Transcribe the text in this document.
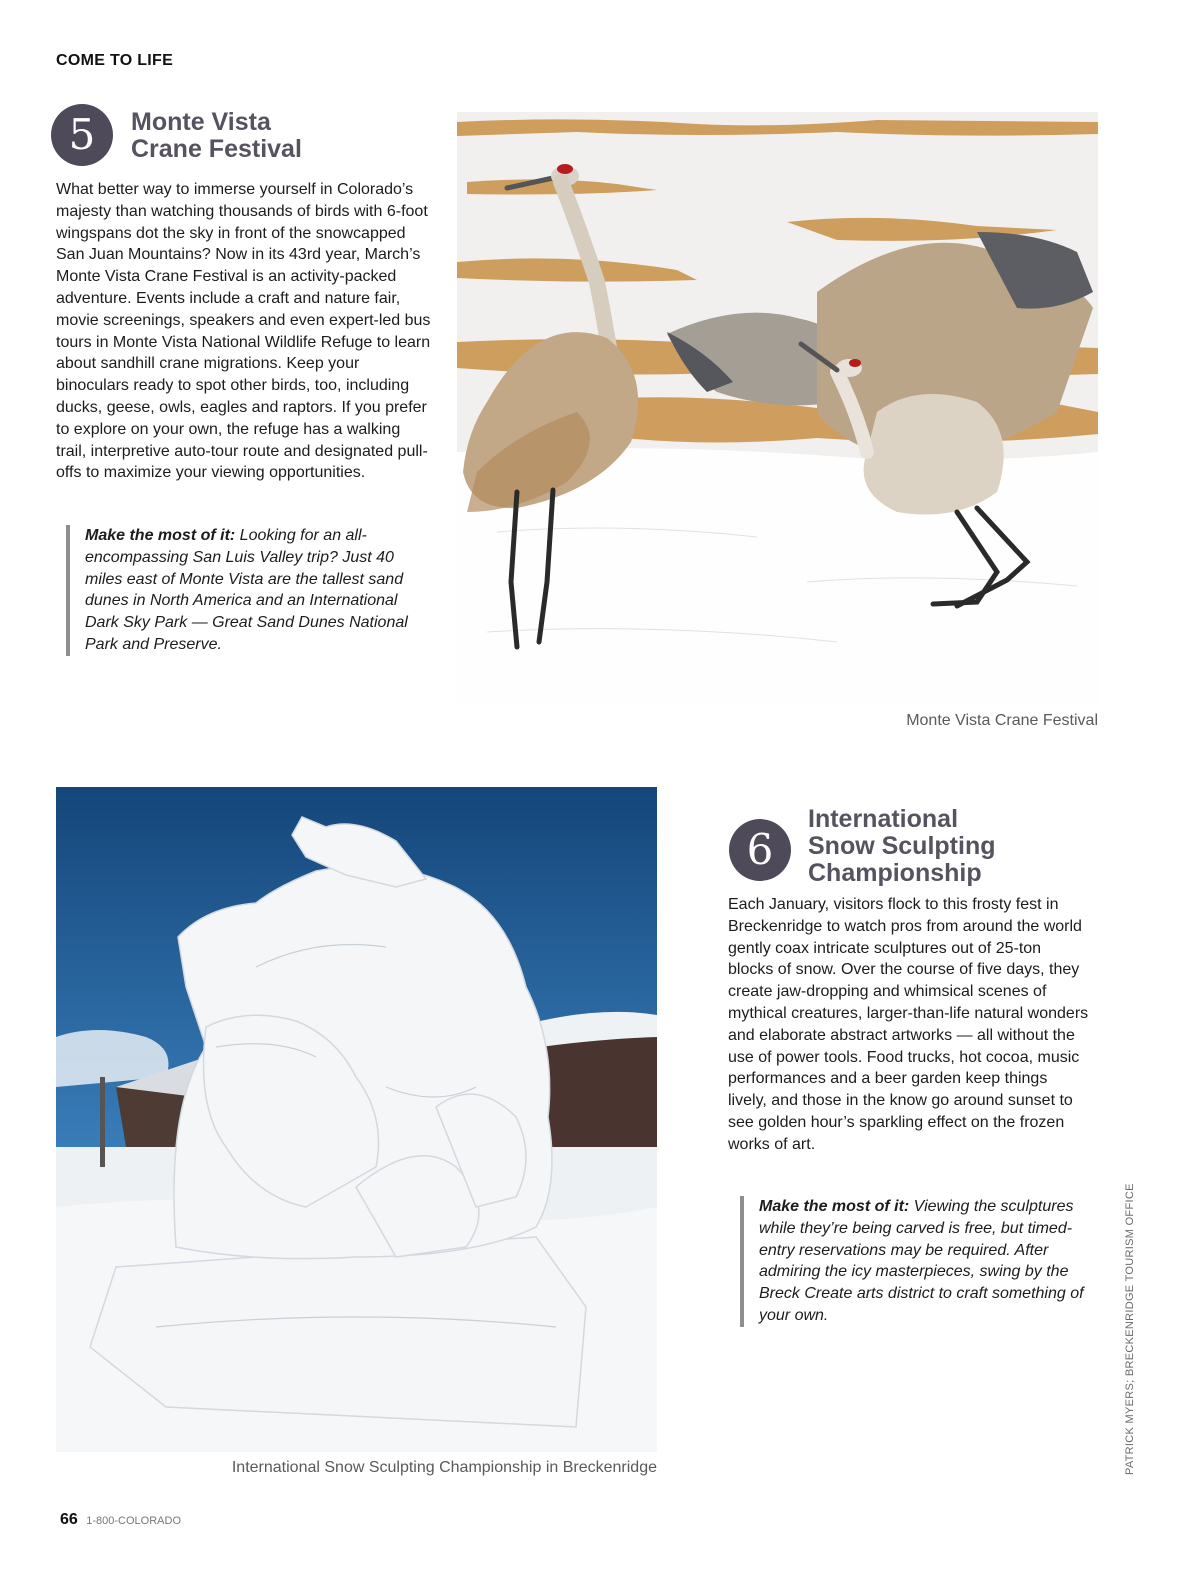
COME TO LIFE
5	Monte Vista
Crane Festival

What better way to immerse yourself in Colorado’s majesty than watching thousands of birds with 6-foot wingspans dot the sky in front of the snowcapped San Juan Mountains? Now in its 43rd year, March’s Monte Vista Crane Festival is an activity-packed adventure. Events include a craft and nature fair, movie screenings, speakers and even expert-led bus tours in Monte Vista National Wildlife Refuge to learn about sandhill crane migrations. Keep your binoculars ready to spot other birds, too, including ducks, geese, owls, eagles and raptors. If you prefer to explore on your own, the refuge has a walking trail, interpretive auto-tour route and designated pull-offs to maximize your viewing opportunities.

Make the most of it: Looking for an all-encompassing San Luis Valley trip? Just 40 miles east of Monte Vista are the tallest sand dunes in North America and an International Dark Sky Park — Great Sand Dunes National Park and Preserve.
Monte Vista Crane Festival
International Snow Sculpting Championship in Breckenridge
6
International
Snow Sculpting
Championship

Each January, visitors flock to this frosty fest in Breckenridge to watch pros from around the world gently coax intricate sculptures out of 25-ton blocks of snow. Over the course of five days, they create jaw-dropping and whimsical scenes of mythical creatures, larger-than-life natural wonders and elaborate abstract artworks — all without the use of power tools. Food trucks, hot cocoa, music performances and a beer garden keep things lively, and those in the know go around sunset to see golden hour’s sparkling effect on the frozen works of art.

Make the most of it: Viewing the sculptures while they’re being carved is free, but timed-entry reservations may be required. After admiring the icy masterpieces, swing by the Breck Create arts district to craft something of your own.	PATRICK MYERS; BRECKENRIDGE TOURISM OFFICE
66 1-800-COLORADO
